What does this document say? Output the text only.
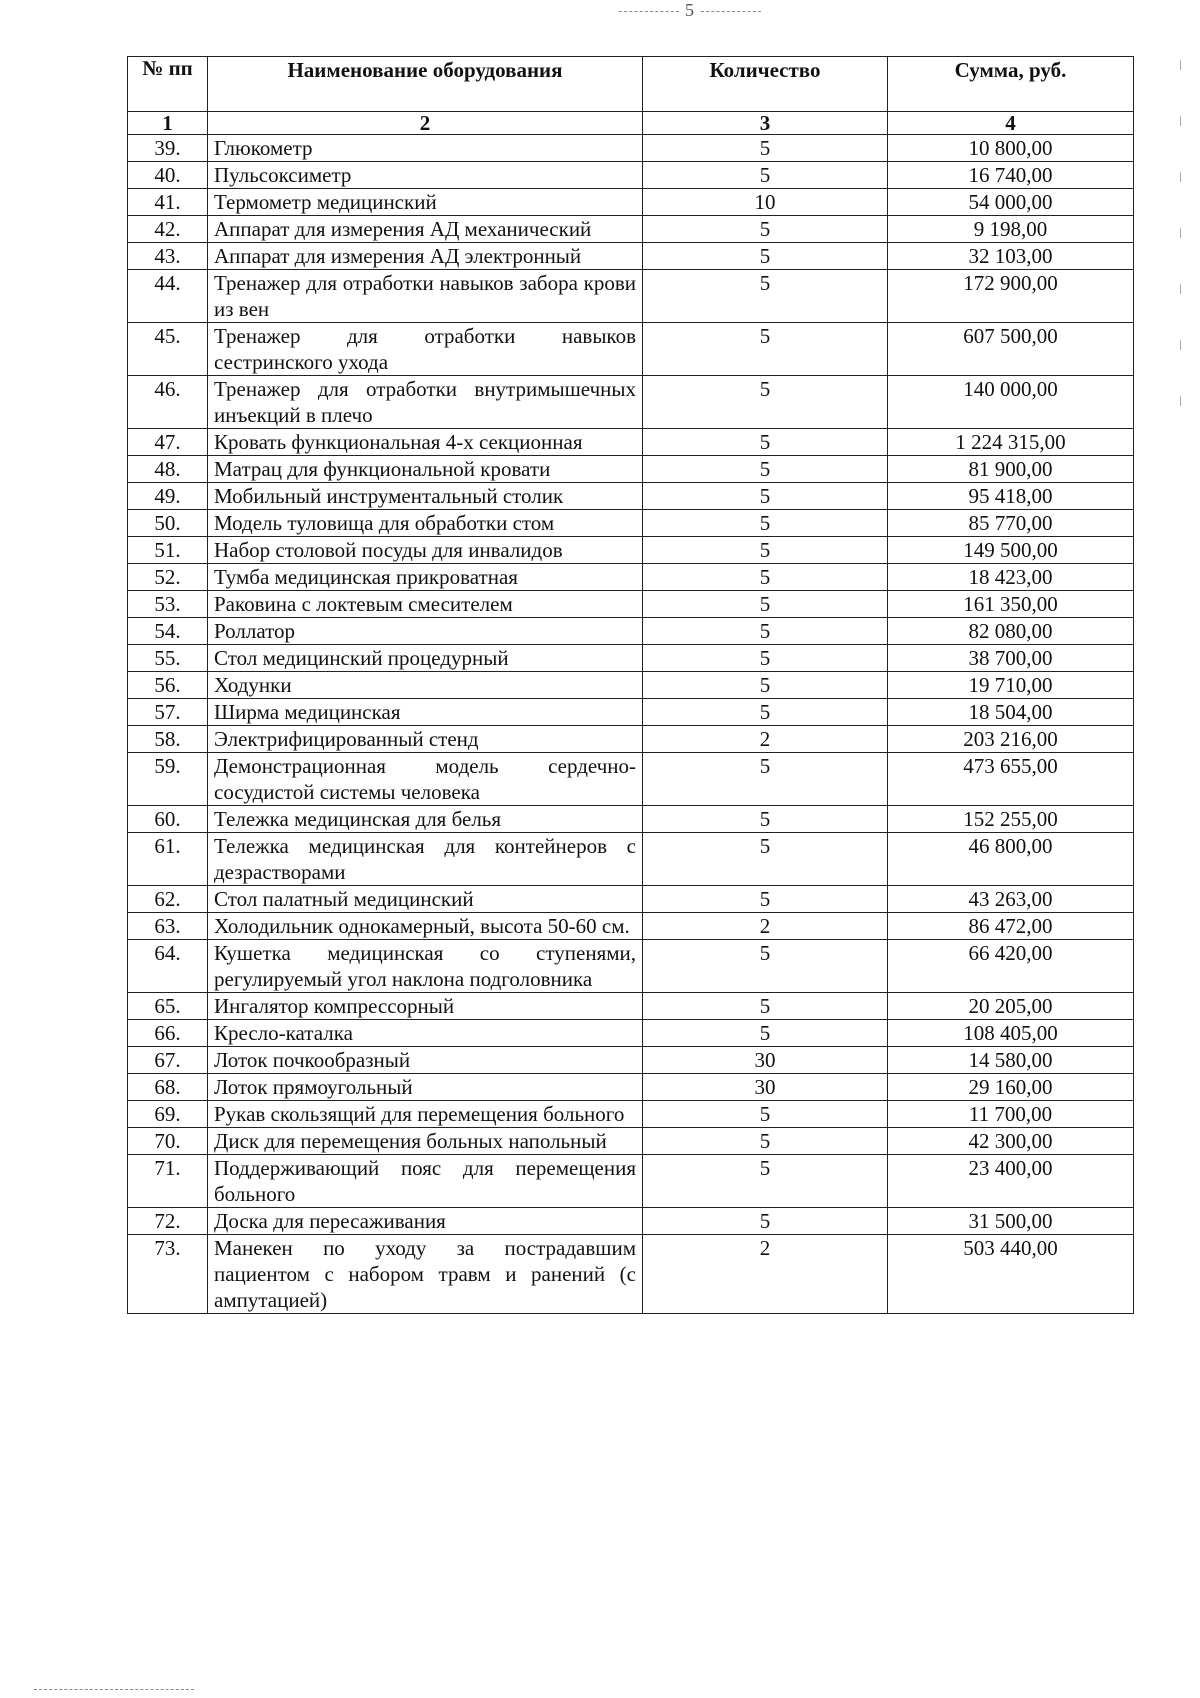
5
№ пп	Наименование оборудования	Количество	Сумма, руб.
1	2	3	4
39.	Глюкометр	5	10 800,00
40.	Пульсоксиметр	5	16 740,00
41.	Термометр медицинский	10	54 000,00
42.	Аппарат для измерения АД механический	5	9 198,00
43.	Аппарат для измерения АД электронный	5	32 103,00
44.	Тренажер для отработки навыков забора крови из вен	5	172 900,00
45.	Тренажер для отработки навыков сестринского ухода	5	607 500,00
46.	Тренажер для отработки внутримышечных инъекций в плечо	5	140 000,00
47.	Кровать функциональная 4-х секционная	5	1 224 315,00
48.	Матрац для функциональной кровати	5	81 900,00
49.	Мобильный инструментальный столик	5	95 418,00
50.	Модель туловища для обработки стом	5	85 770,00
51.	Набор столовой посуды для инвалидов	5	149 500,00
52.	Тумба медицинская прикроватная	5	18 423,00
53.	Раковина с локтевым смесителем	5	161 350,00
54.	Роллатор	5	82 080,00
55.	Стол медицинский процедурный	5	38 700,00
56.	Ходунки	5	19 710,00
57.	Ширма медицинская	5	18 504,00
58.	Электрифицированный стенд	2	203 216,00
59.	Демонстрационная модель сердечно-сосудистой системы человека	5	473 655,00
60.	Тележка медицинская для белья	5	152 255,00
61.	Тележка медицинская для контейнеров с дезрастворами	5	46 800,00
62.	Стол палатный медицинский	5	43 263,00
63.	Холодильник однокамерный, высота 50-60 см.	2	86 472,00
64.	Кушетка медицинская со ступенями, регулируемый угол наклона подголовника	5	66 420,00
65.	Ингалятор компрессорный	5	20 205,00
66.	Кресло-каталка	5	108 405,00
67.	Лоток почкообразный	30	14 580,00
68.	Лоток прямоугольный	30	29 160,00
69.	Рукав скользящий для перемещения больного	5	11 700,00
70.	Диск для перемещения больных напольный	5	42 300,00
71.	Поддерживающий пояс для перемещения больного	5	23 400,00
72.	Доска для пересаживания	5	31 500,00
73.	Манекен по уходу за пострадавшим пациентом с набором травм и ранений (с ампутацией)	2	503 440,00
